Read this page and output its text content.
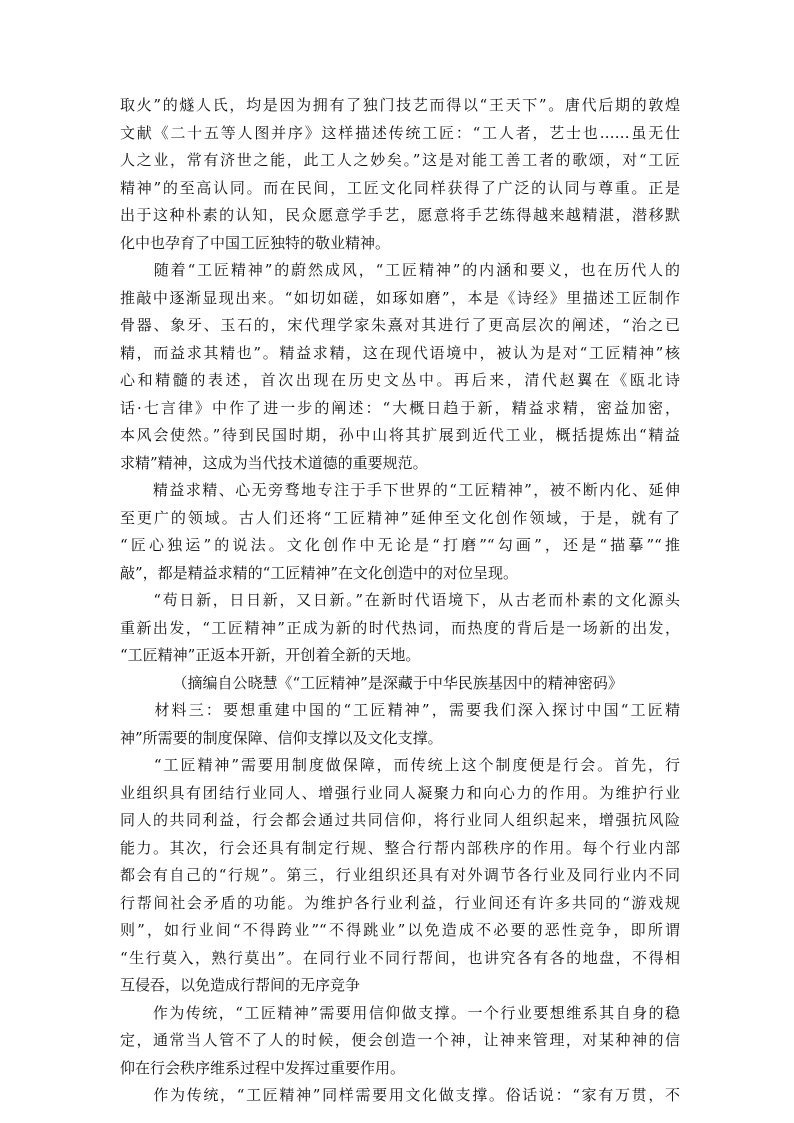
取火”的燧人氏，均是因为拥有了独门技艺而得以“王天下”。唐代后期的敦煌
文献《二十五等人图并序》这样描述传统工匠：“工人者，艺士也……虽无仕
人之业，常有济世之能，此工人之妙矣。”这是对能工善工者的歌颂，对“工匠
精神”的至高认同。而在民间，工匠文化同样获得了广泛的认同与尊重。正是
出于这种朴素的认知，民众愿意学手艺，愿意将手艺练得越来越精湛，潜移默
化中也孕育了中国工匠独特的敬业精神。
　　随着“工匠精神”的蔚然成风，“工匠精神”的内涵和要义，也在历代人的
推敲中逐渐显现出来。“如切如磋，如琢如磨”，本是《诗经》里描述工匠制作
骨器、象牙、玉石的，宋代理学家朱熹对其进行了更高层次的阐述，“治之已
精，而益求其精也”。精益求精，这在现代语境中，被认为是对“工匠精神”核
心和精髓的表述，首次出现在历史文丛中。再后来，清代赵翼在《瓯北诗
话·七言律》中作了进一步的阐述：“大概日趋于新，精益求精，密益加密，
本风会使然。”待到民国时期，孙中山将其扩展到近代工业，概括提炼出“精益
求精”精神，这成为当代技术道德的重要规范。
　　精益求精、心无旁骛地专注于手下世界的“工匠精神”，被不断内化、延伸
至更广的领域。古人们还将“工匠精神”延伸至文化创作领域，于是，就有了
“匠心独运”的说法。文化创作中无论是“打磨”“勾画”，还是“描摹”“推
敲”，都是精益求精的“工匠精神”在文化创造中的对位呈现。
　　“苟日新，日日新，又日新。”在新时代语境下，从古老而朴素的文化源头
重新出发，“工匠精神”正成为新的时代热词，而热度的背后是一场新的出发，
“工匠精神”正返本开新，开创着全新的天地。
　　　　（摘编自公晓慧《“工匠精神”是深藏于中华民族基因中的精神密码》
　　材料三：要想重建中国的“工匠精神”，需要我们深入探讨中国“工匠精
神”所需要的制度保障、信仰支撑以及文化支撑。
　　“工匠精神”需要用制度做保障，而传统上这个制度便是行会。首先，行
业组织具有团结行业同人、增强行业同人凝聚力和向心力的作用。为维护行业
同人的共同利益，行会都会通过共同信仰，将行业同人组织起来，增强抗风险
能力。其次，行会还具有制定行规、整合行帮内部秩序的作用。每个行业内部
都会有自己的“行规”。第三，行业组织还具有对外调节各行业及同行业内不同
行帮间社会矛盾的功能。为维护各行业利益，行业间还有许多共同的“游戏规
则”，如行业间“不得跨业”“不得跳业”以免造成不必要的恶性竞争，即所谓
“生行莫入，熟行莫出”。在同行业不同行帮间，也讲究各有各的地盘，不得相
互侵吞，以免造成行帮间的无序竞争
　　作为传统，“工匠精神”需要用信仰做支撑。一个行业要想维系其自身的稳
定，通常当人管不了人的时候，便会创造一个神，让神来管理，对某种神的信
仰在行会秩序维系过程中发挥过重要作用。
　　作为传统，“工匠精神”同样需要用文化做支撑。俗话说：“家有万贯，不
